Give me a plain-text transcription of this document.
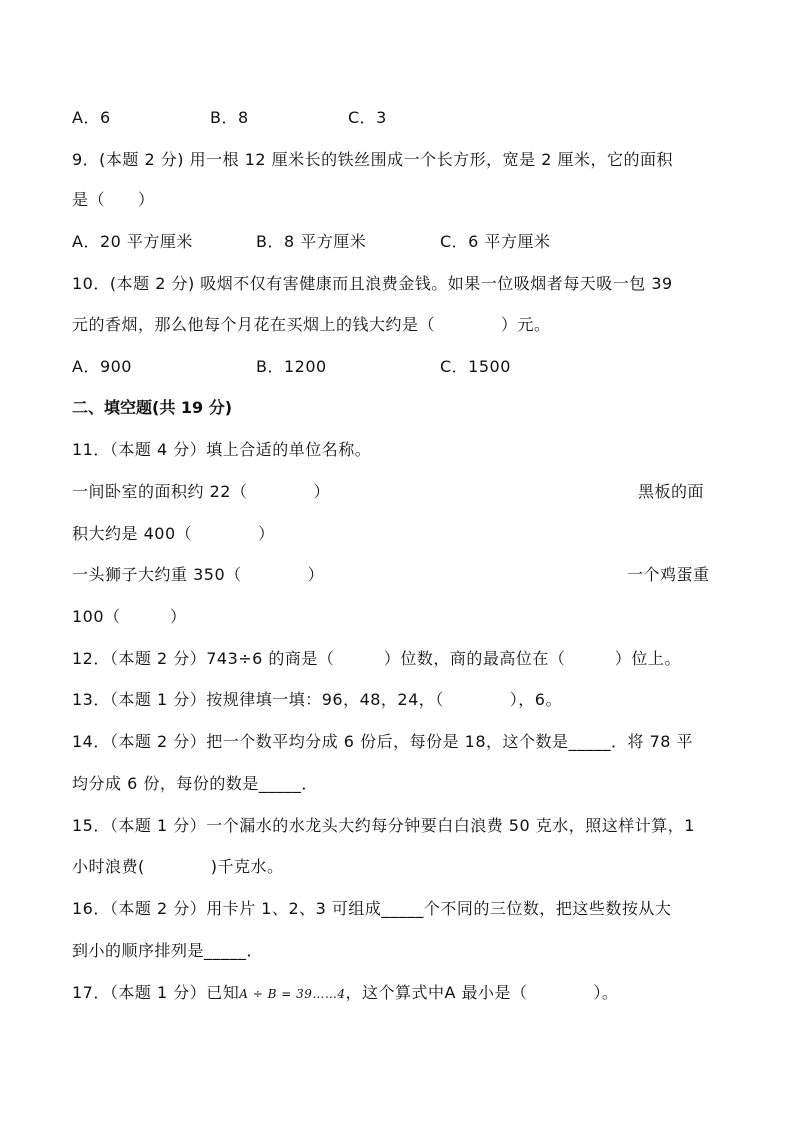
A．6	B．8	C．3
9．(本题 2 分) 用一根 12 厘米长的铁丝围成一个长方形，宽是 2 厘米，它的面积
是（　　）
A．20 平方厘米	B．8 平方厘米	C．6 平方厘米
10．(本题 2 分) 吸烟不仅有害健康而且浪费金钱。如果一位吸烟者每天吸一包 39
元的香烟，那么他每个月花在买烟上的钱大约是（　　　　）元。
A．900	B．1200	C．1500
二、填空题(共 19 分)
11．（本题 4 分）填上合适的单位名称。
一间卧室的面积约 22（　　　　）	黑板的面
积大约是 400（　　　　）
一头狮子大约重 350（　　　　）	一个鸡蛋重
100（　　　）
12．（本题 2 分）743÷6 的商是（　　　）位数，商的最高位在（　　　）位上。
13．（本题 1 分）按规律填一填：96，48，24，（　　　　），6。
14．（本题 2 分）把一个数平均分成 6 份后，每份是 18，这个数是_____．将 78 平
均分成 6 份，每份的数是_____．
15．（本题 1 分）一个漏水的水龙头大约每分钟要白白浪费 50 克水，照这样计算，1
小时浪费(　　　　)千克水。
16．（本题 2 分）用卡片 1、2、3 可组成_____个不同的三位数，把这些数按从大
到小的顺序排列是_____．
17．（本题 1 分）已知A ÷ B = 39……4，这个算式中A 最小是（　　　　）。
